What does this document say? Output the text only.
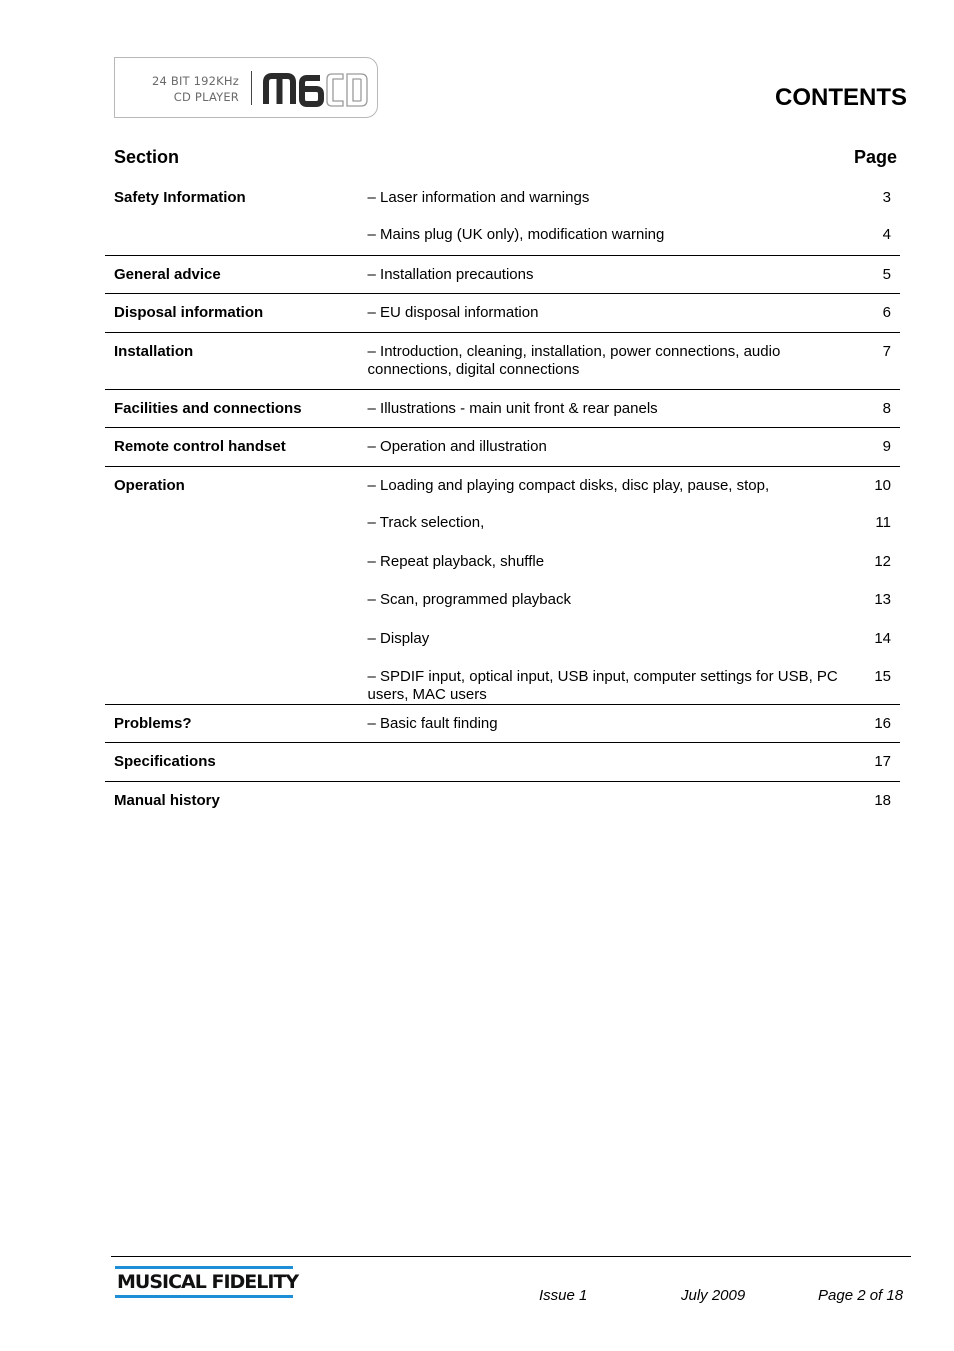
24 BIT 192KHz
CD PLAYER	CONTENTS
Section	Page
Safety Information	– Laser information and warnings	3
	– Mains plug (UK only), modification warning	4
General advice	– Installation precautions	5
Disposal information	– EU disposal information	6
Installation	– Introduction, cleaning, installation, power connections, audio connections, digital connections	7
Facilities and connections	– Illustrations - main unit front & rear panels	8
Remote control handset	– Operation and illustration	9
Operation	– Loading and playing compact disks, disc play, pause, stop,	10
	– Track selection,	11
	– Repeat playback, shuffle	12
	– Scan, programmed playback	13
	– Display	14
	– SPDIF input, optical input, USB input, computer settings for USB, PC users, MAC users	15
Problems?	– Basic fault finding	16
Specifications		17
Manual history		18
MUSICAL FIDELITY
Issue 1	July 2009	Page 2 of 18
